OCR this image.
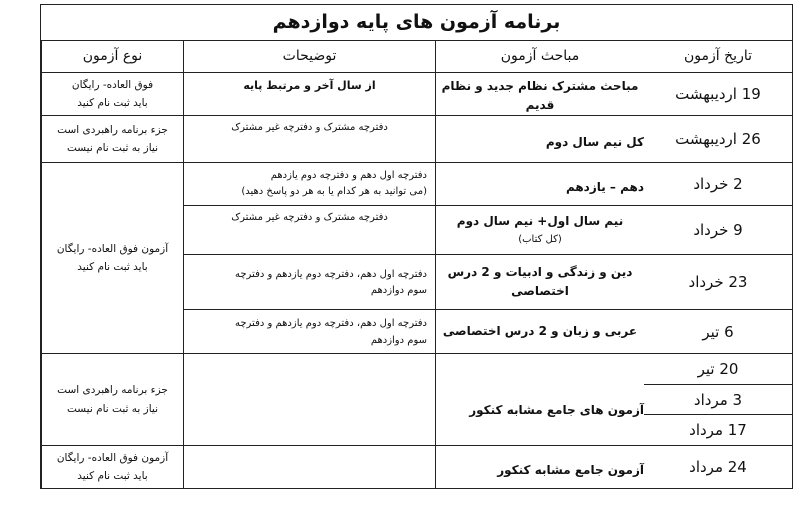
برنامه آزمون های پایه دوازدهم
تاریخ آزمون
مباحث آزمون
توضیحات
نوع آزمون
19 اردیبهشت
مباحث مشترک نظام جدید و نظام قدیم
از سال آخر و مرتبط پایه
فوق العاده- رایگان
باید ثبت نام کنید
26 اردیبهشت
کل نیم سال دوم
دفترچه مشترک و دفترچه غیر مشترک
جزء برنامه راهبردی است
نیاز به ثبت نام نیست
2 خرداد
دهم – یازدهم
دفترچه اول دهم و دفترچه دوم یازدهم
(می توانید به هر کدام یا به هر دو پاسخ دهید)
9 خرداد
نیم سال اول+ نیم سال دوم
(کل کتاب)
دفترچه مشترک و دفترچه غیر مشترک
23 خرداد
دین و زندگی و ادبیات و 2 درس
اختصاصی
دفترچه اول دهم، دفترچه دوم یازدهم و دفترچه
سوم دوازدهم
آزمون فوق العاده- رایگان
باید ثبت نام کنید
6 تیر
عربی و زبان و 2 درس اختصاصی
دفترچه اول دهم، دفترچه دوم یازدهم و دفترچه
سوم دوازدهم
20 تیر
3 مرداد
17 مرداد
آزمون های جامع مشابه کنکور
جزء برنامه راهبردی است
نیاز به ثبت نام نیست
24 مرداد
آزمون جامع مشابه کنکور
آزمون فوق العاده- رایگان
باید ثبت نام کنید
